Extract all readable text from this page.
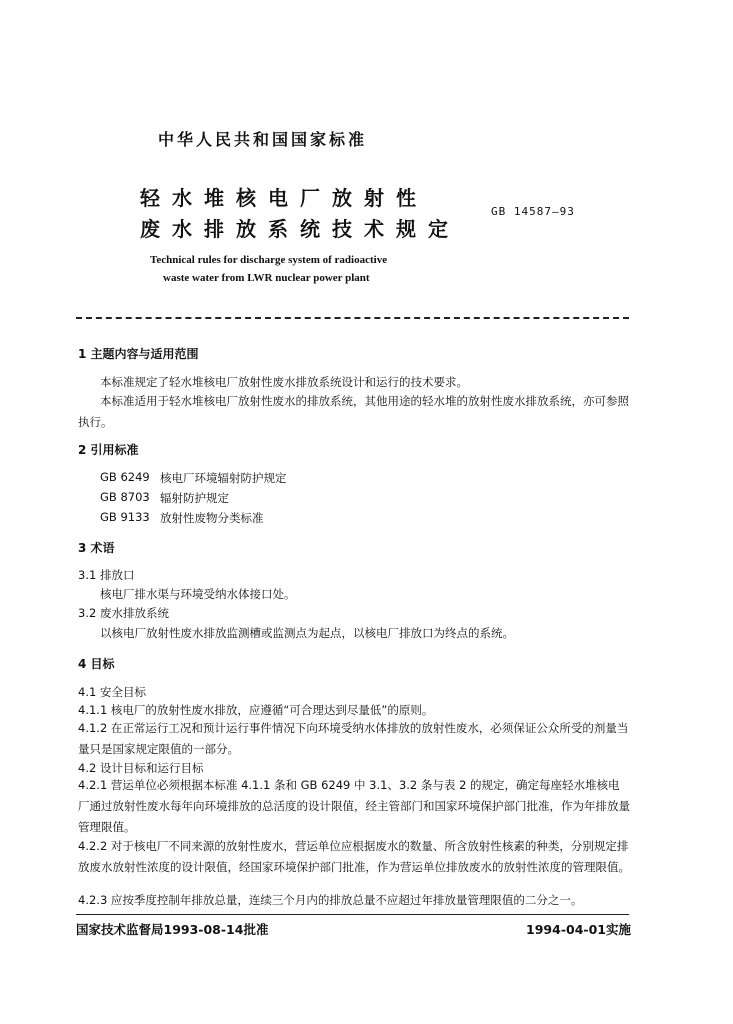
中华人民共和国国家标准
轻水堆核电厂放射性
废水排放系统技术规定
GB 14587—93
Technical rules for discharge system of radioactive
waste water from LWR nuclear power plant
1 主题内容与适用范围
本标准规定了轻水堆核电厂放射性废水排放系统设计和运行的技术要求。
本标准适用于轻水堆核电厂放射性废水的排放系统，其他用途的轻水堆的放射性废水排放系统，亦可参照执行。
2 引用标准
GB 6249 核电厂环境辐射防护规定
GB 8703 辐射防护规定
GB 9133 放射性废物分类标准
3 术语
3.1 排放口
核电厂排水渠与环境受纳水体接口处。
3.2 废水排放系统
以核电厂放射性废水排放监测槽或监测点为起点，以核电厂排放口为终点的系统。
4 目标
4.1 安全目标
4.1.1 核电厂的放射性废水排放，应遵循“可合理达到尽量低”的原则。
4.1.2 在正常运行工况和预计运行事件情况下向环境受纳水体排放的放射性废水，必须保证公众所受的剂量当量只是国家规定限值的一部分。
4.2 设计目标和运行目标
4.2.1 营运单位必须根据本标准 4.1.1 条和 GB 6249 中 3.1、3.2 条与表 2 的规定，确定每座轻水堆核电厂通过放射性废水每年向环境排放的总活度的设计限值，经主管部门和国家环境保护部门批准，作为年排放量管理限值。
4.2.2 对于核电厂不同来源的放射性废水，营运单位应根据废水的数量、所含放射性核素的种类，分别规定排放废水放射性浓度的设计限值，经国家环境保护部门批准，作为营运单位排放废水的放射性浓度的管理限值。
4.2.3 应按季度控制年排放总量，连续三个月内的排放总量不应超过年排放量管理限值的二分之一。
国家技术监督局1993-08-14批准	1994-04-01实施
